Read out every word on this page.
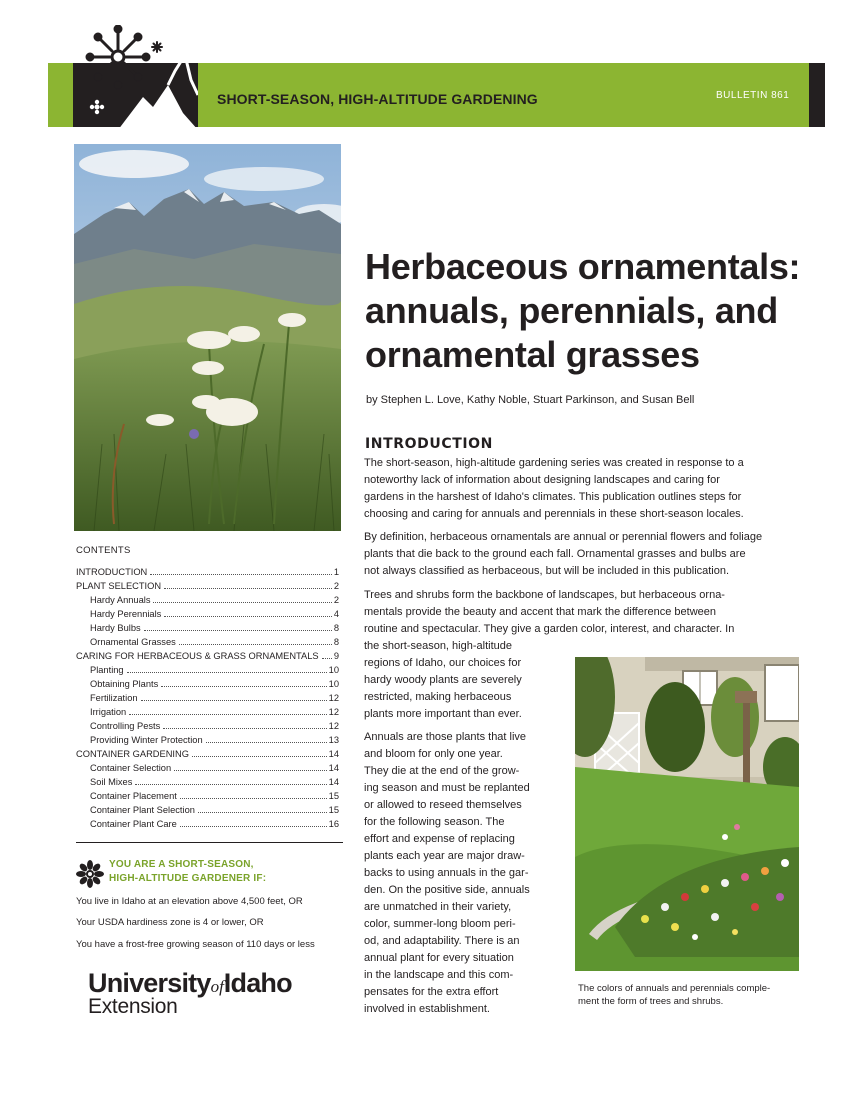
SHORT-SEASON, HIGH-ALTITUDE GARDENING	BULLETIN 861
Herbaceous ornamentals: annuals, perennials, and ornamental grasses
by Stephen L. Love, Kathy Noble, Stuart Parkinson, and Susan Bell
INTRODUCTION
The short-season, high-altitude gardening series was created in response to a
noteworthy lack of information about designing landscapes and caring for
gardens in the harshest of Idaho's climates. This publication outlines steps for
choosing and caring for annuals and perennials in these short-season locales.
By definition, herbaceous ornamentals are annual or perennial flowers and foliage
plants that die back to the ground each fall. Ornamental grasses and bulbs are
not always classified as herbaceous, but will be included in this publication.
Trees and shrubs form the backbone of landscapes, but herbaceous orna-
mentals provide the beauty and accent that mark the difference between
routine and spectacular. They give a garden color, interest, and character. In
the short-season, high-altitude
regions of Idaho, our choices for
hardy woody plants are severely
restricted, making herbaceous
plants more important than ever.
Annuals are those plants that live
and bloom for only one year.
They die at the end of the grow-
ing season and must be replanted
or allowed to reseed themselves
for the following season. The
effort and expense of replacing
plants each year are major draw-
backs to using annuals in the gar-
den. On the positive side, annuals
are unmatched in their variety,
color, summer-long bloom peri-
od, and adaptability. There is an
annual plant for every situation
in the landscape and this com-
pensates for the extra effort
involved in establishment.
The colors of annuals and perennials comple-
ment the form of trees and shrubs.
CONTENTS
INTRODUCTION	1
PLANT SELECTION	2
Hardy Annuals	2
Hardy Perennials	4
Hardy Bulbs	8
Ornamental Grasses	8
CARING FOR HERBACEOUS & GRASS ORNAMENTALS 9
Planting	10
Obtaining Plants	10
Fertilization	12
Irrigation	12
Controlling Pests	12
Providing Winter Protection	13
CONTAINER GARDENING	14
Container Selection	14
Soil Mixes	14
Container Placement	15
Container Plant Selection	15
Container Plant Care	16
YOU ARE A SHORT-SEASON,
HIGH-ALTITUDE GARDENER IF:
You live in Idaho at an elevation above 4,500 feet, OR
Your USDA hardiness zone is 4 or lower, OR
You have a frost-free growing season of 110 days or less
UniversityofIdaho
Extension
